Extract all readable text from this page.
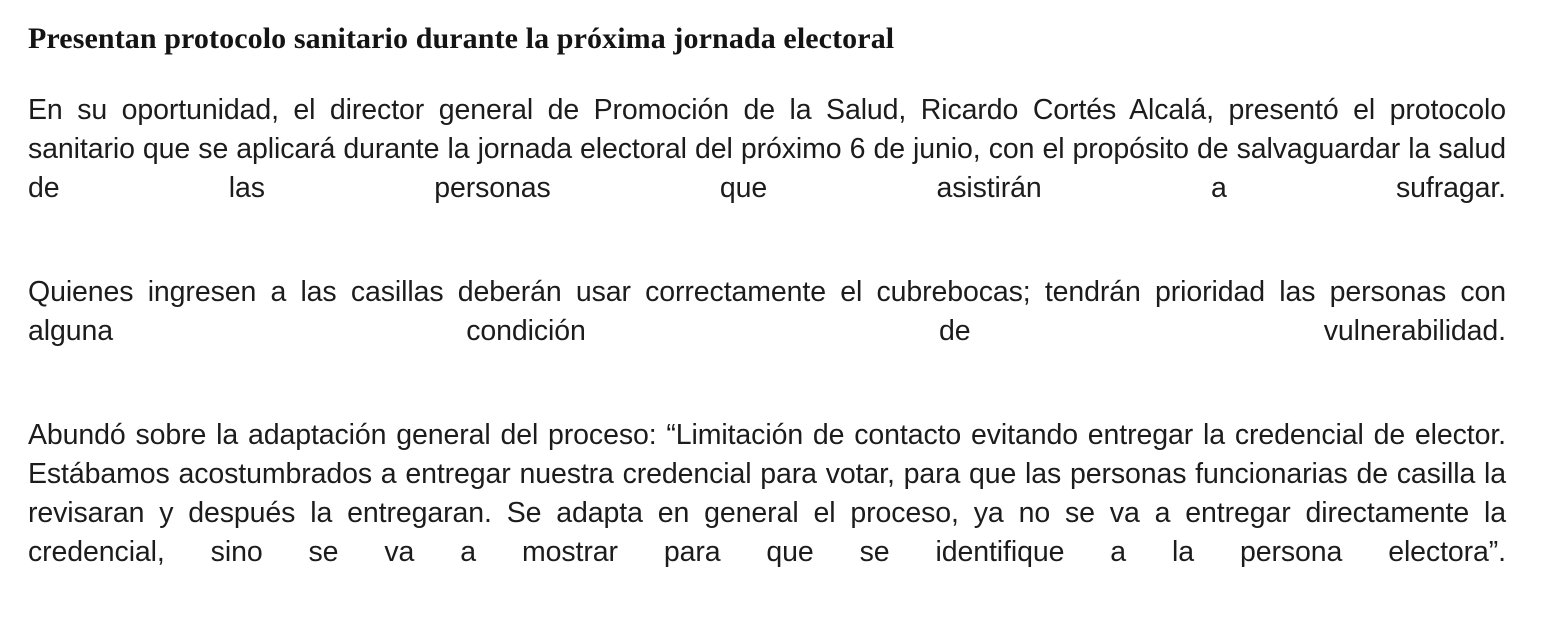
Presentan protocolo sanitario durante la próxima jornada electoral

En su oportunidad, el director general de Promoción de la Salud, Ricardo Cortés Alcalá, presentó el protocolo sanitario que se aplicará durante la jornada electoral del próximo 6 de junio, con el propósito de salvaguardar la salud de las personas que asistirán a sufragar.

Quienes ingresen a las casillas deberán usar correctamente el cubrebocas; tendrán prioridad las personas con alguna condición de vulnerabilidad.

Abundó sobre la adaptación general del proceso: “Limitación de contacto evitando entregar la credencial de elector. Estábamos acostumbrados a entregar nuestra credencial para votar, para que las personas funcionarias de casilla la revisaran y después la entregaran. Se adapta en general el proceso, ya no se va a entregar directamente la credencial, sino se va a mostrar para que se identifique a la persona electora”.
